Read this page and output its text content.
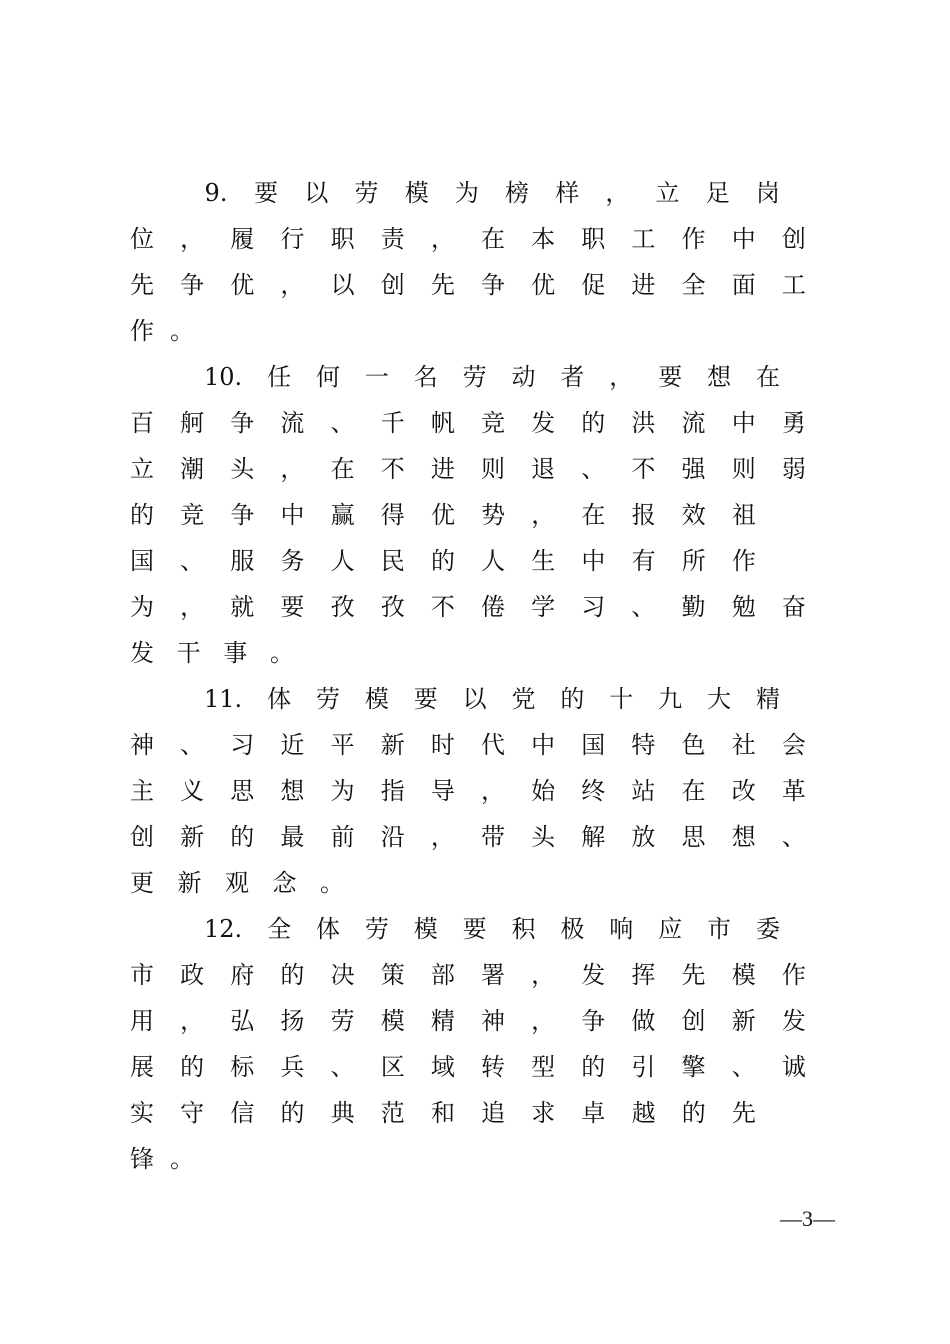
9. 要 以 劳 模 为 榜 样 ， 立 足 岗

位 ， 履 行 职 责 ， 在 本 职 工 作 中 创

先 争 优 ， 以 创 先 争 优 促 进 全 面 工

作 。

10. 任 何 一 名 劳 动 者 ， 要 想 在

百 舸 争 流 、 千 帆 竞 发 的 洪 流 中 勇

立 潮 头 ， 在 不 进 则 退 、 不 强 则 弱

的 竞 争 中 赢 得 优 势 ， 在 报 效 祖

国 、 服 务 人 民 的 人 生 中 有 所 作

为 ， 就 要 孜 孜 不 倦 学 习 、 勤 勉 奋

发 干 事 。

11. 体 劳 模 要 以 党 的 十 九 大 精

神 、 习 近 平 新 时 代 中 国 特 色 社 会

主 义 思 想 为 指 导 ， 始 终 站 在 改 革

创 新 的 最 前 沿 ， 带 头 解 放 思 想 、

更 新 观 念 。

12. 全 体 劳 模 要 积 极 响 应 市 委

市 政 府 的 决 策 部 署 ， 发 挥 先 模 作

用 ， 弘 扬 劳 模 精 神 ， 争 做 创 新 发

展 的 标 兵 、 区 域 转 型 的 引 擎 、 诚

实 守 信 的 典 范 和 追 求 卓 越 的 先

锋 。

—3—
